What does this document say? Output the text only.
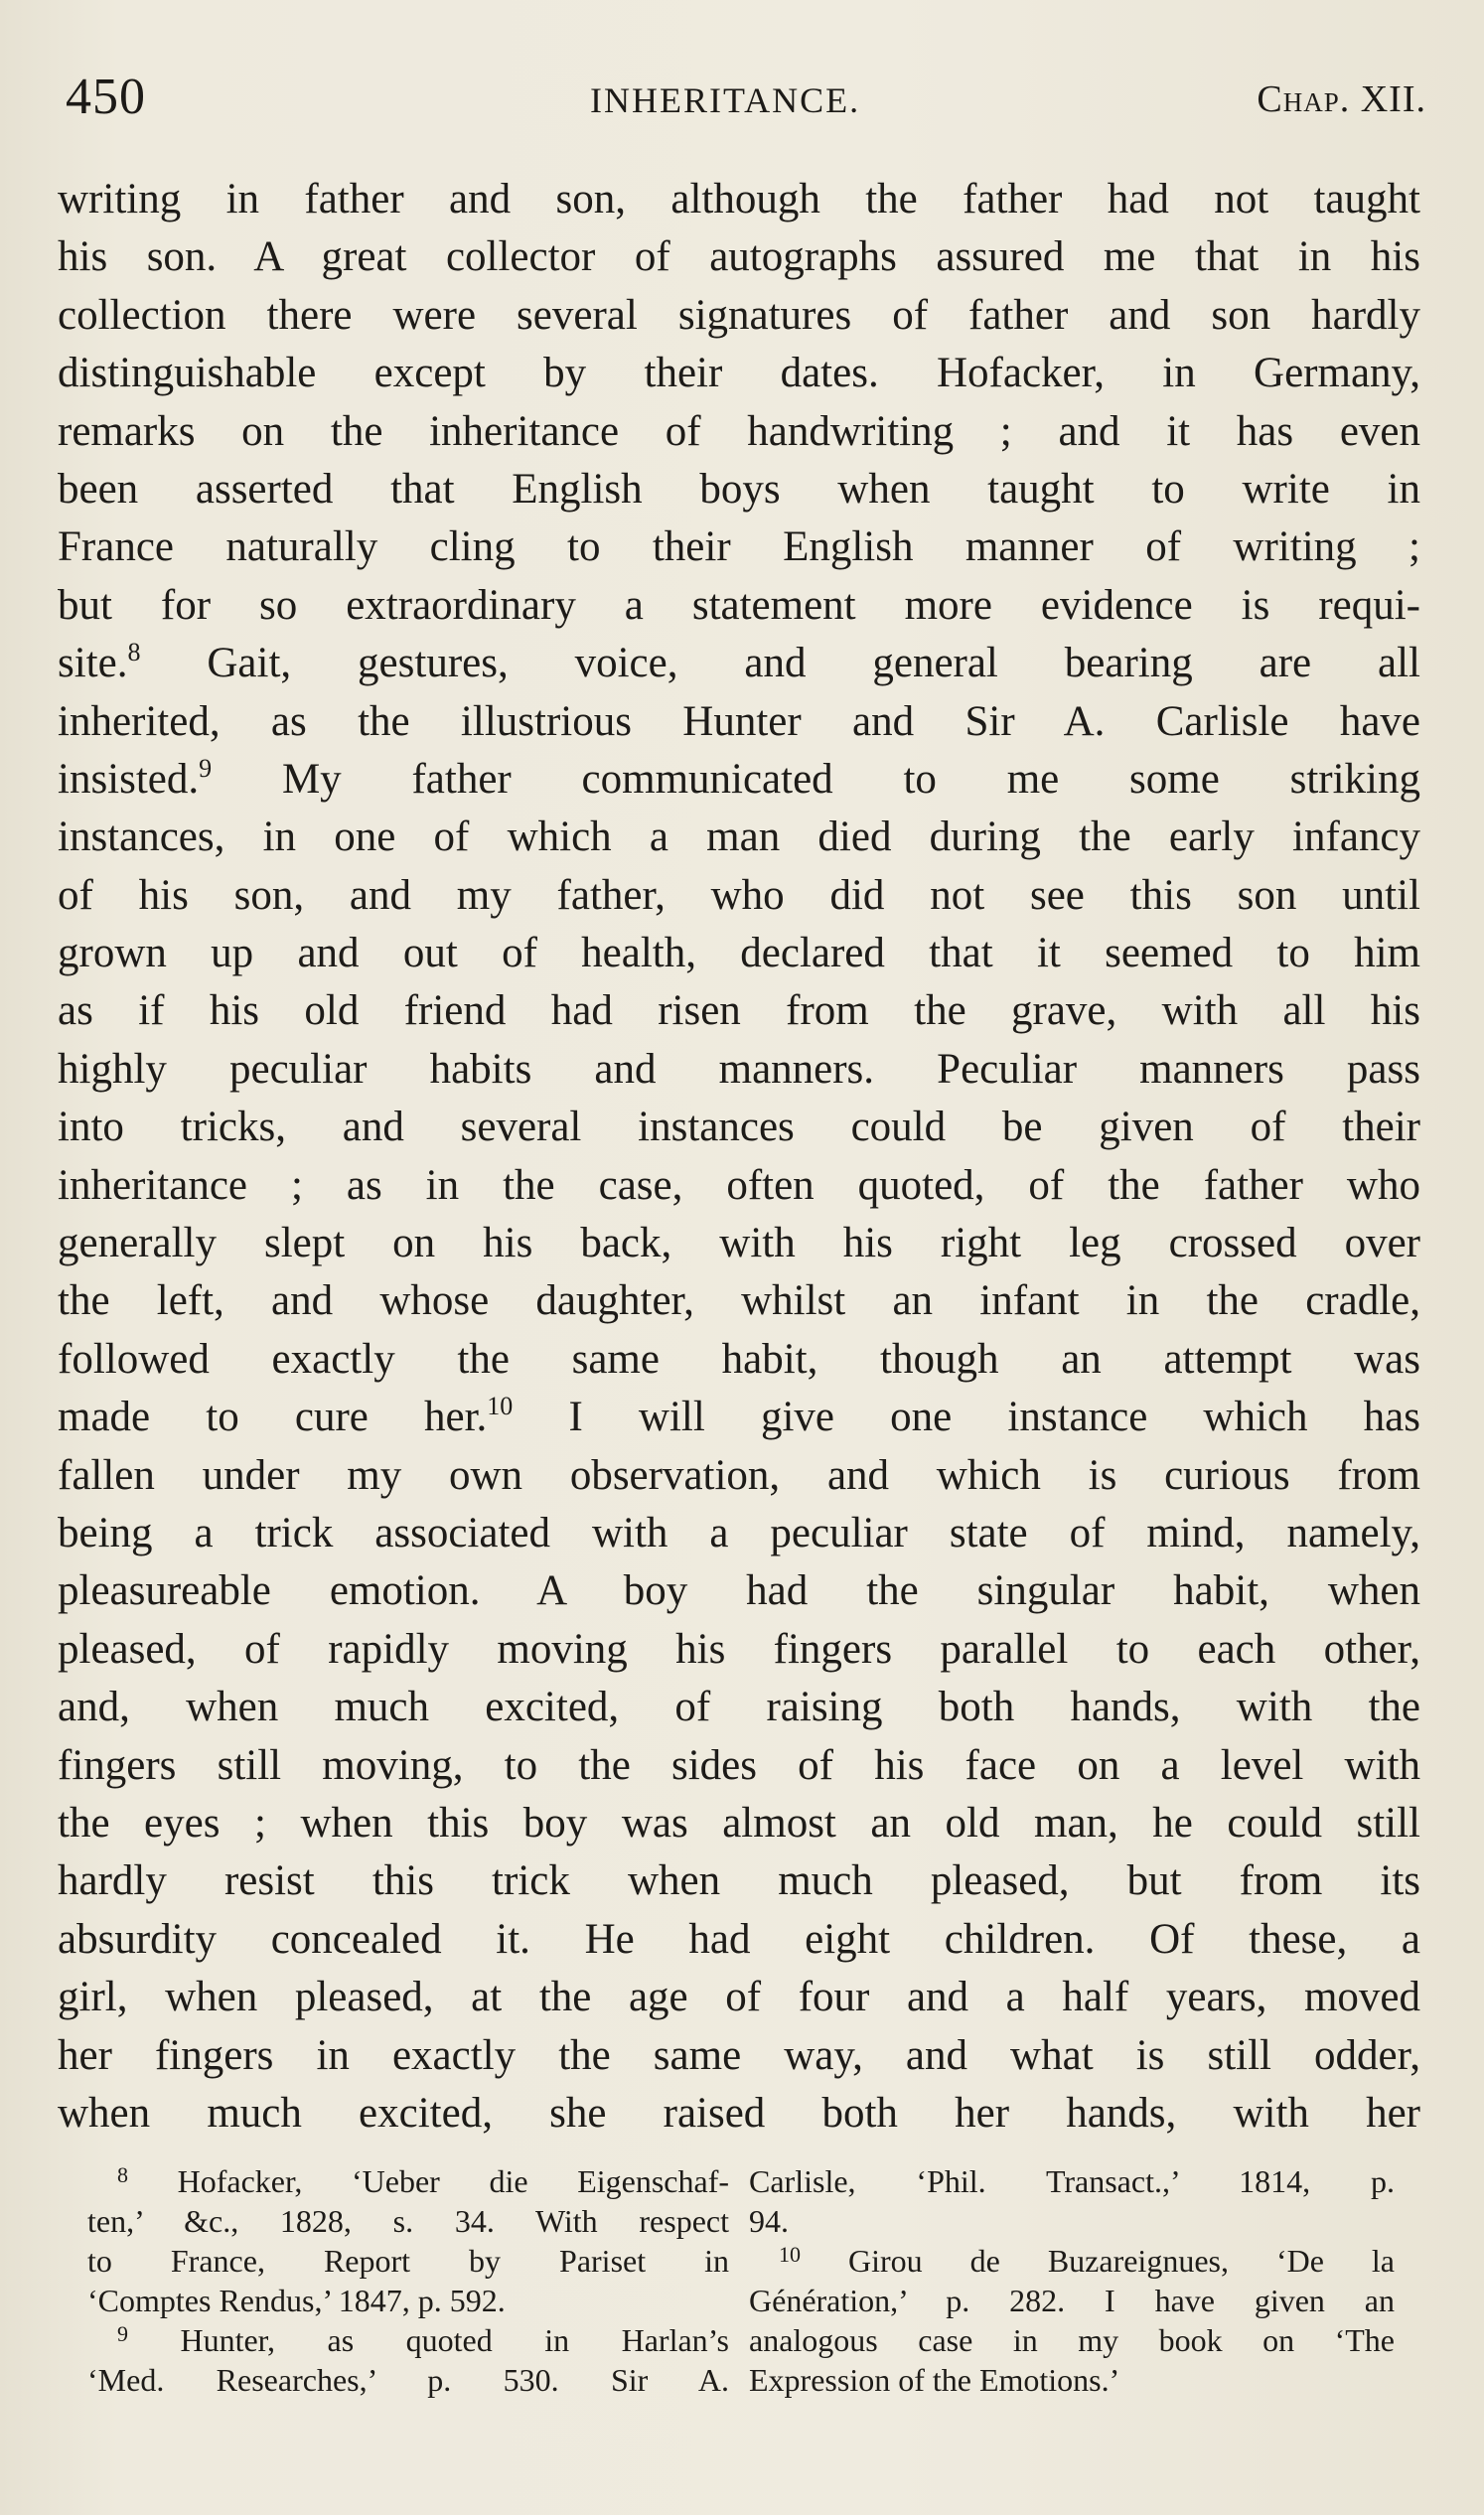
450	INHERITANCE.	Chap. XII.
writing in father and son, although the father had not taught
his son. A great collector of autographs assured me that in his
collection there were several signatures of father and son hardly
distinguishable except by their dates. Hofacker, in Germany,
remarks on the inheritance of handwriting ; and it has even
been asserted that English boys when taught to write in
France naturally cling to their English manner of writing ;
but for so extraordinary a statement more evidence is requi-
site.$^8$ Gait, gestures, voice, and general bearing are all
inherited, as the illustrious Hunter and Sir A. Carlisle have
insisted.$^9$ My father communicated to me some striking
instances, in one of which a man died during the early infancy
of his son, and my father, who did not see this son until
grown up and out of health, declared that it seemed to him
as if his old friend had risen from the grave, with all his
highly peculiar habits and manners. Peculiar manners pass
into tricks, and several instances could be given of their
inheritance ; as in the case, often quoted, of the father who
generally slept on his back, with his right leg crossed over
the left, and whose daughter, whilst an infant in the cradle,
followed exactly the same habit, though an attempt was
made to cure her.$^{10}$ I will give one instance which has
fallen under my own observation, and which is curious from
being a trick associated with a peculiar state of mind, namely,
pleasureable emotion. A boy had the singular habit, when
pleased, of rapidly moving his fingers parallel to each other,
and, when much excited, of raising both hands, with the
fingers still moving, to the sides of his face on a level with
the eyes ; when this boy was almost an old man, he could still
hardly resist this trick when much pleased, but from its
absurdity concealed it. He had eight children. Of these, a
girl, when pleased, at the age of four and a half years, moved
her fingers in exactly the same way, and what is still odder,
when much excited, she raised both her hands, with her
$^8$ Hofacker, ‘Ueber die Eigenschaf-
ten,’ &c., 1828, s. 34. With respect
to France, Report by Pariset in
‘Comptes Rendus,’ 1847, p. 592.
$^9$ Hunter, as quoted in Harlan’s
‘Med. Researches,’ p. 530. Sir A.
Carlisle, ‘Phil. Transact.,’ 1814, p.
94.
$^{10}$ Girou de Buzareignues, ‘De la
Génération,’ p. 282. I have given an
analogous case in my book on ‘The
Expression of the Emotions.’
